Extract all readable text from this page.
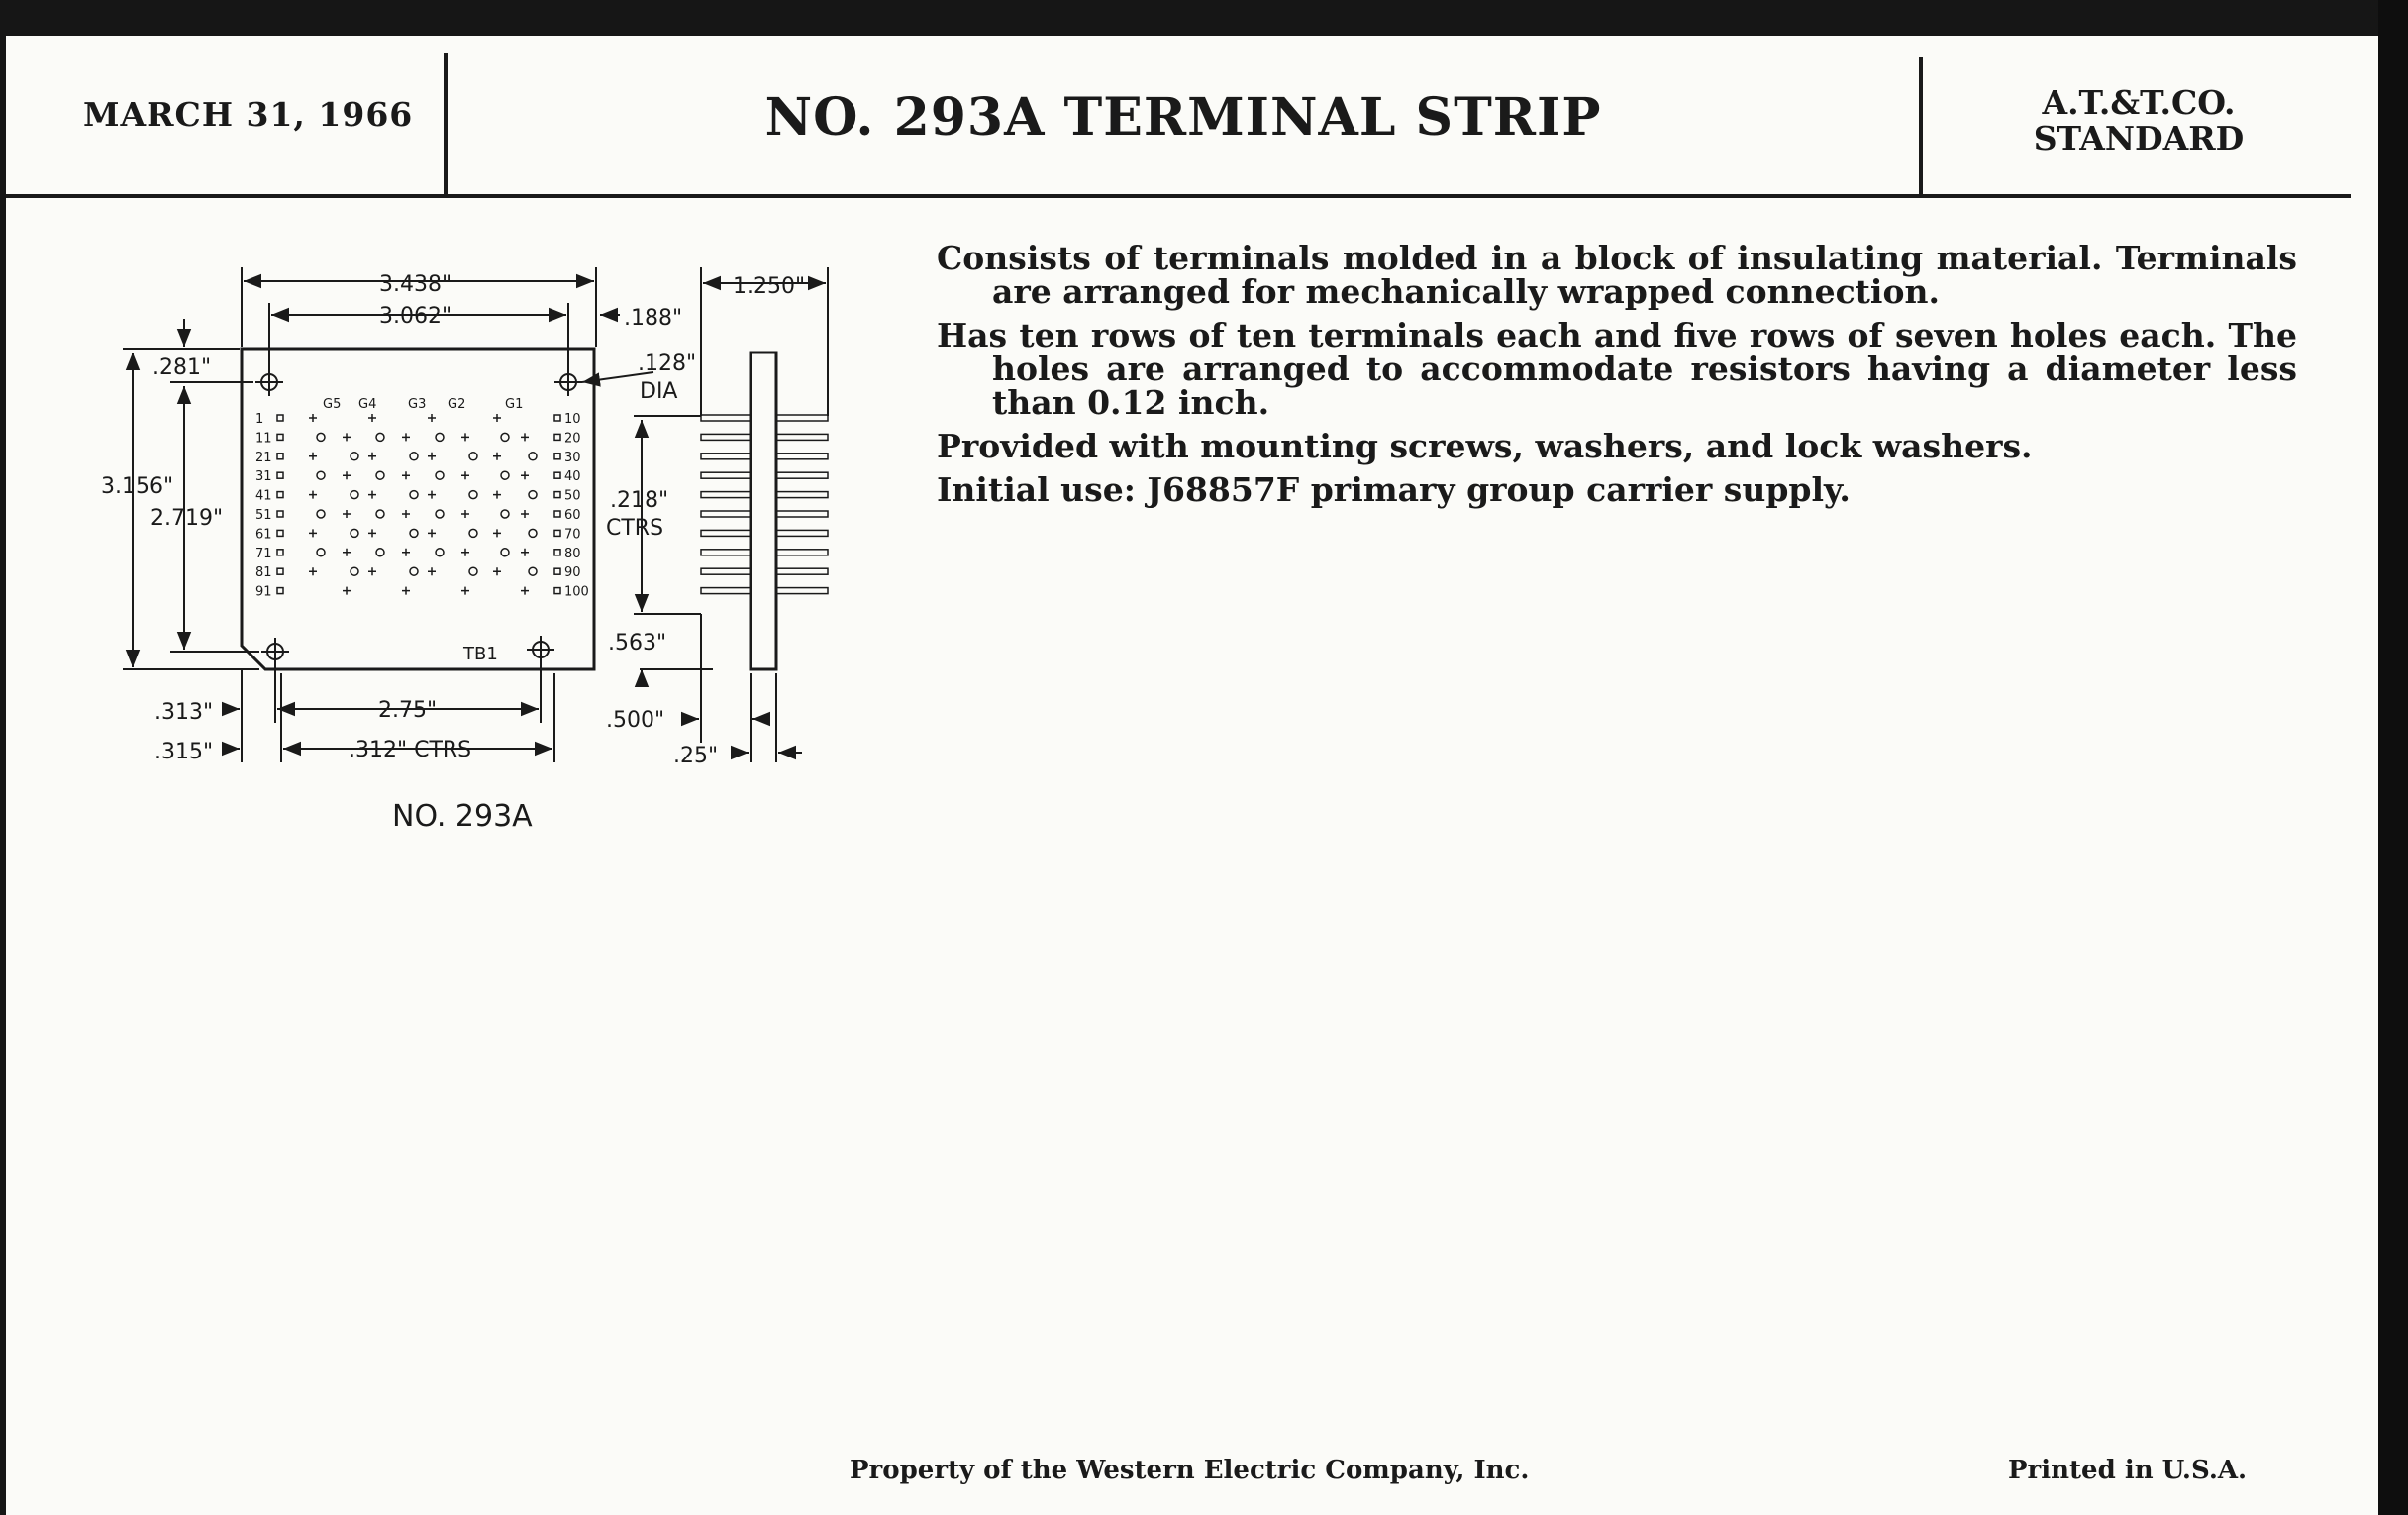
MARCH 31, 1966	NO. 293A TERMINAL STRIP	A.T.&T.CO.
STANDARD

Consists of terminals molded in a block of insulating material. Terminals are arranged for mechanically wrapped connection.

Has ten rows of ten terminals each and five rows of seven holes each. The holes are arranged to accommodate resistors having a diameter less than 0.12 inch.

Provided with mounting screws, washers, and lock washers.

Initial use: J68857F primary group carrier supply.

1	10
11	20
21	30
31	40
41	50
51	60
61	70
71	80
81	90
91	100
G5 G4 G3 G2	G1
3.438"
3.062"	.188"
.128"
DIA
.281"
3.156"
2.719"
1.250"
.218"
CTRS
.563"
.500"
.25"
.313"
.315"
2.75"
.312" CTRS
TB1
NO. 293A
Property of the Western Electric Company, Inc.	Printed in U.S.A.
